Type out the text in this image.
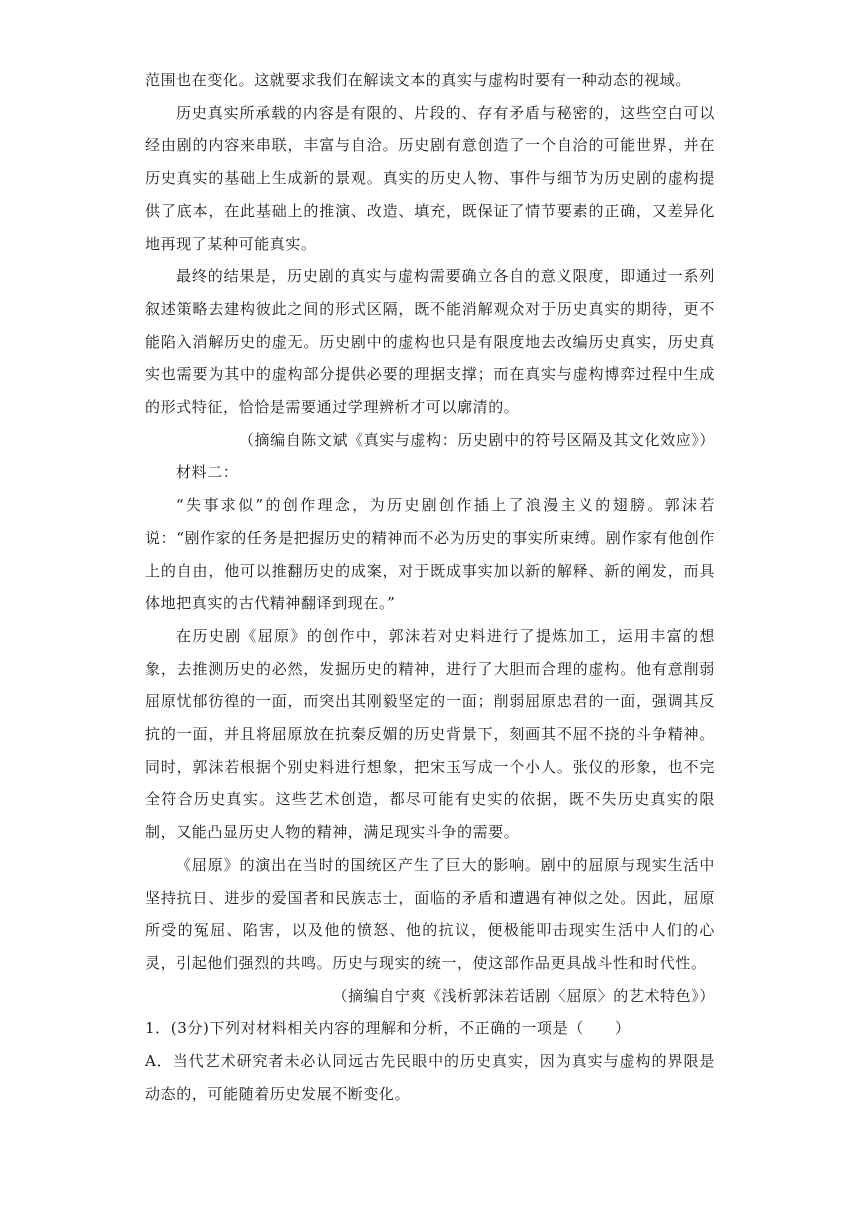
范围也在变化。这就要求我们在解读文本的真实与虚构时要有一种动态的视域。

历史真实所承载的内容是有限的、片段的、存有矛盾与秘密的，这些空白可以经由剧的内容来串联，丰富与自洽。历史剧有意创造了一个自洽的可能世界，并在历史真实的基础上生成新的景观。真实的历史人物、事件与细节为历史剧的虚构提供了底本，在此基础上的推演、改造、填充，既保证了情节要素的正确，又差异化地再现了某种可能真实。

最终的结果是，历史剧的真实与虚构需要确立各自的意义限度，即通过一系列叙述策略去建构彼此之间的形式区隔，既不能消解观众对于历史真实的期待，更不能陷入消解历史的虚无。历史剧中的虚构也只是有限度地去改编历史真实，历史真实也需要为其中的虚构部分提供必要的理据支撑；而在真实与虚构博弈过程中生成的形式特征，恰恰是需要通过学理辨析才可以廓清的。

（摘编自陈文斌《真实与虚构：历史剧中的符号区隔及其文化效应》）

材料二：

“失事求似”的创作理念，为历史剧创作插上了浪漫主义的翅膀。郭沫若说：“剧作家的任务是把握历史的精神而不必为历史的事实所束缚。剧作家有他创作上的自由，他可以推翻历史的成案，对于既成事实加以新的解释、新的阐发，而具体地把真实的古代精神翻译到现在。”

在历史剧《屈原》的创作中，郭沫若对史料进行了提炼加工，运用丰富的想象，去推测历史的必然，发掘历史的精神，进行了大胆而合理的虚构。他有意削弱屈原忧郁彷徨的一面，而突出其刚毅坚定的一面；削弱屈原忠君的一面，强调其反抗的一面，并且将屈原放在抗秦反媚的历史背景下，刻画其不屈不挠的斗争精神。同时，郭沫若根据个别史料进行想象，把宋玉写成一个小人。张仪的形象，也不完全符合历史真实。这些艺术创造，都尽可能有史实的依据，既不失历史真实的限制，又能凸显历史人物的精神，满足现实斗争的需要。

《屈原》的演出在当时的国统区产生了巨大的影响。剧中的屈原与现实生活中坚持抗日、进步的爱国者和民族志士，面临的矛盾和遭遇有神似之处。因此，屈原所受的冤屈、陷害，以及他的愤怒、他的抗议，便极能叩击现实生活中人们的心灵，引起他们强烈的共鸣。历史与现实的统一，使这部作品更具战斗性和时代性。

（摘编自宁爽《浅析郭沫若话剧〈屈原〉的艺术特色》）

1．(3分)下列对材料相关内容的理解和分析，不正确的一项是（　　）

A．当代艺术研究者未必认同远古先民眼中的历史真实，因为真实与虚构的界限是动态的，可能随着历史发展不断变化。
